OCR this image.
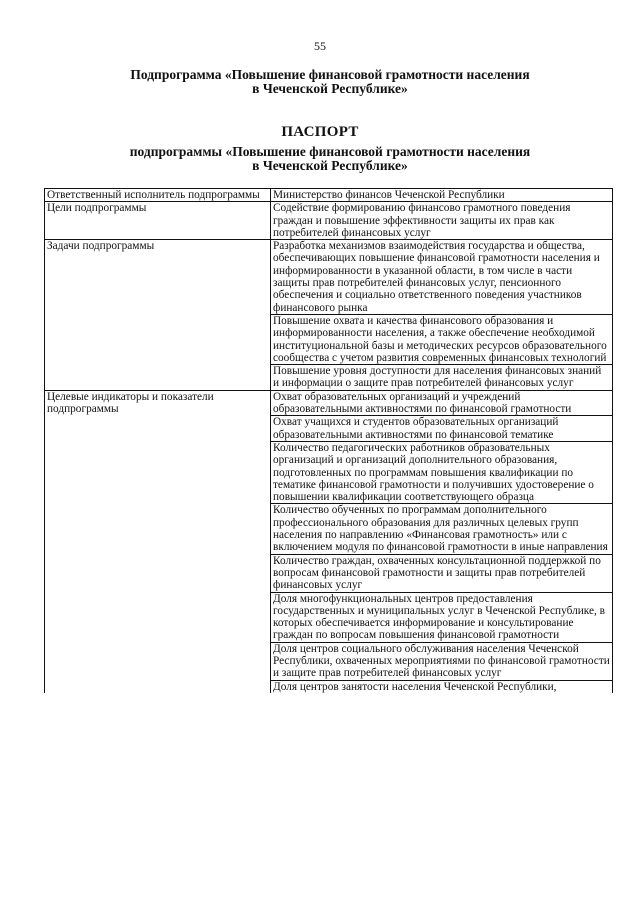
55
Подпрограмма «Повышение финансовой грамотности населения
в Чеченской Республике»
ПАСПОРТ
подпрограммы «Повышение финансовой грамотности населения
в Чеченской Республике»
Ответственный исполнитель подпрограммы	Министерство финансов Чеченской Республики
Цели подпрограммы	Содействие формированию финансово грамотного поведения граждан и повышение эффективности защиты их прав как потребителей финансовых услуг
Задачи подпрограммы	Разработка механизмов взаимодействия государства и общества, обеспечивающих повышение финансовой грамотности населения и информированности в указанной области, в том числе в части защиты прав потребителей финансовых услуг, пенсионного обеспечения и социально ответственного поведения участников финансового рынка
	Повышение охвата и качества финансового образования и информированности населения, а также обеспечение необходимой институциональной базы и методических ресурсов образовательного сообщества с учетом развития современных финансовых технологий
	Повышение уровня доступности для населения финансовых знаний и информации о защите прав потребителей финансовых услуг
Целевые индикаторы и показатели подпрограммы	Охват образовательных организаций и учреждений образовательными активностями по финансовой грамотности
	Охват учащихся и студентов образовательных организаций образовательными активностями по финансовой тематике
	Количество педагогических работников образовательных организаций и организаций дополнительного образования, подготовленных по программам повышения квалификации по тематике финансовой грамотности и получивших удостоверение о повышении квалификации соответствующего образца
	Количество обученных по программам дополнительного профессионального образования для различных целевых групп населения по направлению «Финансовая грамотность» или с включением модуля по финансовой грамотности в иные направления
	Количество граждан, охваченных консультационной поддержкой по вопросам финансовой грамотности и защиты прав потребителей финансовых услуг
	Доля многофункциональных центров предоставления государственных и муниципальных услуг в Чеченской Республике, в которых обеспечивается информирование и консультирование граждан по вопросам повышения финансовой грамотности
	Доля центров социального обслуживания населения Чеченской Республики, охваченных мероприятиями по финансовой грамотности и защите прав потребителей финансовых услуг
	Доля центров занятости населения Чеченской Республики,
